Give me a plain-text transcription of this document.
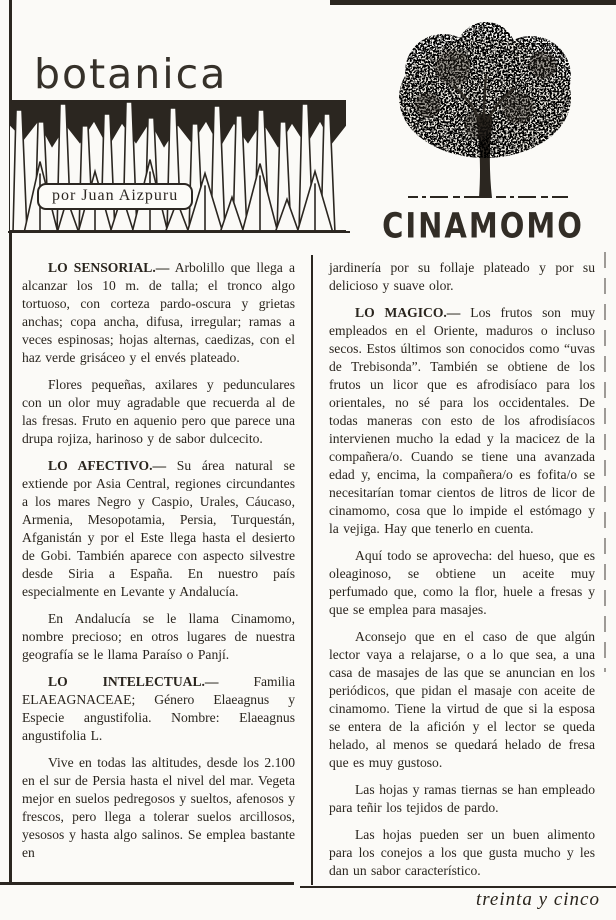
botanica
por Juan Aizpuru
CINAMOMO

LO SENSORIAL.— Arbolillo que llega a alcanzar los 10 m. de talla; el tronco algo tortuoso, con corteza pardo-oscura y grietas anchas; copa ancha, difusa, irregular; ramas a veces espinosas; hojas alternas, caedizas, con el haz verde grisáceo y el envés plateado.

Flores pequeñas, axilares y pedunculares con un olor muy agradable que recuerda al de las fresas. Fruto en aquenio pero que parece una drupa rojiza, harinoso y de sabor dulcecito.

LO AFECTIVO.— Su área natural se extiende por Asia Central, regiones circundantes a los mares Negro y Caspio, Urales, Cáucaso, Armenia, Mesopotamia, Persia, Turquestán, Afganistán y por el Este llega hasta el desierto de Gobi. También aparece con aspecto silvestre desde Siria a España. En nuestro país especialmente en Levante y Andalucía.

En Andalucía se le llama Cinamomo, nombre precioso; en otros lugares de nuestra geografía se le llama Paraíso o Panjí.

LO INTELECTUAL.— Familia ELAEAGNACEAE; Género Elaeagnus y Especie angustifolia. Nombre: Elaeagnus angustifolia L.

Vive en todas las altitudes, desde los 2.100 en el sur de Persia hasta el nivel del mar. Vegeta mejor en suelos pedregosos y sueltos, afenosos y frescos, pero llega a tolerar suelos arcillosos, yesosos y hasta algo salinos. Se emplea bastante en

jardinería por su follaje plateado y por su delicioso y suave olor.

LO MAGICO.— Los frutos son muy empleados en el Oriente, maduros o incluso secos. Estos últimos son conocidos como “uvas de Trebisonda”. También se obtiene de los frutos un licor que es afrodisíaco para los orientales, no sé para los occidentales. De todas maneras con esto de los afrodisíacos intervienen mucho la edad y la macicez de la compañera/o. Cuando se tiene una avanzada edad y, encima, la compañera/o es fofita/o se necesitarían tomar cientos de litros de licor de cinamomo, cosa que lo impide el estómago y la vejiga. Hay que tenerlo en cuenta.

Aquí todo se aprovecha: del hueso, que es oleaginoso, se obtiene un aceite muy perfumado que, como la flor, huele a fresas y que se emplea para masajes.

Aconsejo que en el caso de que algún lector vaya a relajarse, o a lo que sea, a una casa de masajes de las que se anuncian en los periódicos, que pidan el masaje con aceite de cinamomo. Tiene la virtud de que si la esposa se entera de la afición y el lector se queda helado, al menos se quedará helado de fresa que es muy gustoso.

Las hojas y ramas tiernas se han empleado para teñir los tejidos de pardo.

Las hojas pueden ser un buen alimento para los conejos a los que gusta mucho y les dan un sabor característico.

treinta y cinco
